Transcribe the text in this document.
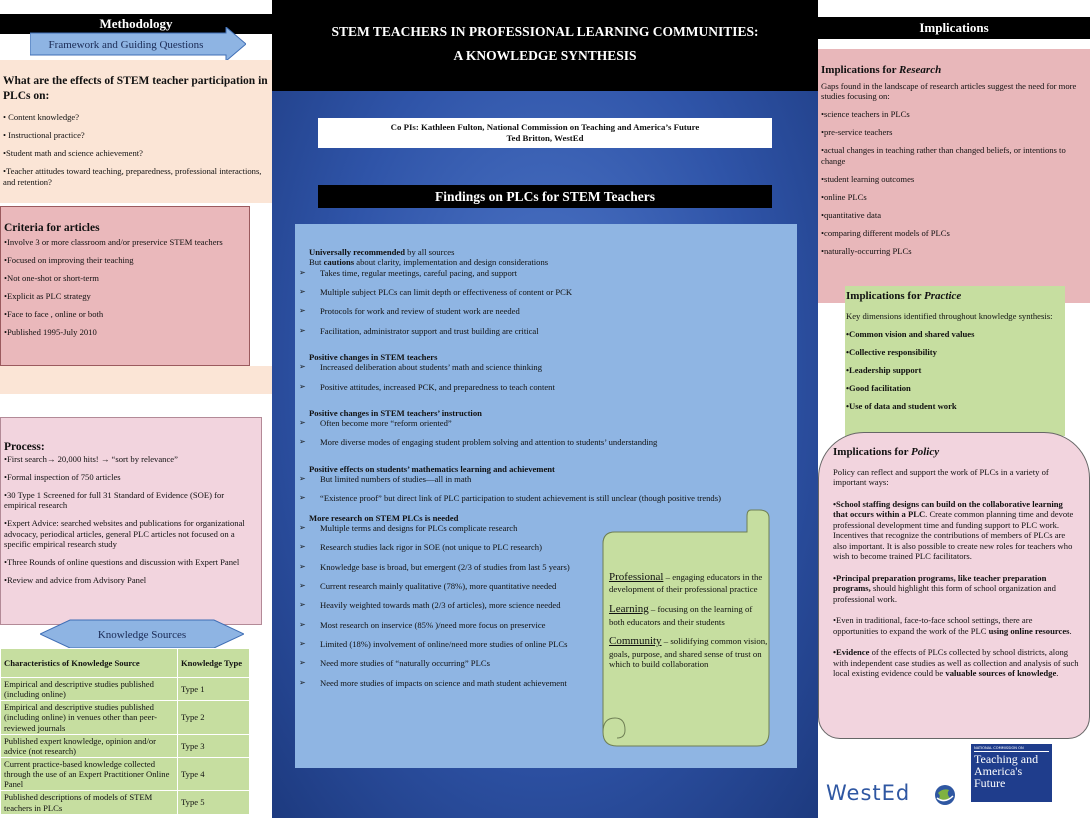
Methodology
Framework and Guiding Questions
What are the effects of STEM teacher participation in PLCs on:

• Content knowledge?

• Instructional practice?

•Student math and science achievement?

•Teacher attitudes toward teaching, preparedness, professional interactions, and retention?

Criteria for articles

•Involve 3 or more classroom and/or preservice STEM teachers

•Focused on improving their teaching

•Not one-shot or short-term

•Explicit as PLC strategy

•Face to face , online or both

•Published 1995-July 2010

Process:

•First search→ 20,000 hits! → “sort by relevance”

•Formal inspection of 750 articles

•30 Type 1 Screened for full 31 Standard of Evidence (SOE) for empirical research

•Expert Advice: searched websites and publications for organizational advocacy, periodical articles, general PLC articles not focused on a specific empirical research study

•Three Rounds of online questions and discussion with Expert Panel

•Review and advice from Advisory Panel

Knowledge Sources
Characteristics of Knowledge Source	Knowledge Type
Empirical and descriptive studies published (including online)	Type 1
Empirical and descriptive studies published (including online) in venues other than peer-reviewed journals	Type 2
Published expert knowledge, opinion and/or advice (not research)	Type 3
Current practice-based knowledge collected through the use of an Expert Practitioner Online Panel	Type 4
Published descriptions of models of STEM teachers in PLCs	Type 5
STEM TEACHERS IN PROFESSIONAL LEARNING COMMUNITIES:
A KNOWLEDGE SYNTHESIS
Co PIs: Kathleen Fulton, National Commission on Teaching and America’s Future
Ted Britton, WestEd
Findings on PLCs for STEM Teachers
Universally recommended by all sources
But cautions about clarity, implementation and design considerations
➢ Takes time, regular meetings, careful pacing, and support
➢ Multiple subject PLCs can limit depth or effectiveness of content or PCK
➢ Protocols for work and review of student work are needed
➢ Facilitation, administrator support and trust building are critical
Positive changes in STEM teachers
➢ Increased deliberation about students’ math and science thinking
➢ Positive attitudes, increased PCK, and preparedness to teach content
Positive changes in STEM teachers’ instruction
➢ Often become more “reform oriented”
➢ More diverse modes of engaging student problem solving and attention to students’ understanding
Positive effects on students’ mathematics learning and achievement
➢ But limited numbers of studies—all in math
➢ “Existence proof” but direct link of PLC participation to student achievement is still unclear (though positive trends)
More research on STEM PLCs is needed
➢ Multiple terms and designs for PLCs complicate research
➢ Research studies lack rigor in SOE (not unique to PLC research)
➢ Knowledge base is broad, but emergent (2/3 of studies from last 5 years)
➢ Current research mainly qualitative (78%), more quantitative needed
➢ Heavily weighted towards math (2/3 of articles), more science needed
➢ Most research on inservice (85% )/need more focus on preservice
➢ Limited (18%) involvement of online/need more studies of online PLCs
➢ Need more studies of “naturally occurring” PLCs
➢ Need more studies of impacts on science and math student achievement

Professional – engaging educators in the development of their professional practice

Learning – focusing on the learning of both educators and their students

Community – solidifying common vision, goals, purpose, and shared sense of trust on which to build collaboration

Implications
Implications for Research

Gaps found in the landscape of research articles suggest the need for more studies focusing on:

•science teachers in PLCs

•pre-service teachers

•actual changes in teaching rather than changed beliefs, or intentions to change

•student learning outcomes

•online PLCs

•quantitative data

•comparing different models of PLCs

•naturally-occurring PLCs

Implications for Practice

Key dimensions identified throughout knowledge synthesis:

•Common vision and shared values

•Collective responsibility

•Leadership support

•Good facilitation

•Use of data and student work

Implications for Policy

Policy can reflect and support the work of PLCs in a variety of important ways:

•School staffing designs can build on the collaborative learning that occurs within a PLC. Create common planning time and devote professional development time and funding support to PLC work. Incentives that recognize the contributions of members of PLCs are also important. It is also possible to create new roles for teachers who wish to become trained PLC facilitators.

•Principal preparation programs, like teacher preparation programs, should highlight this form of school organization and professional work.

•Even in traditional, face-to-face school settings, there are opportunities to expand the work of the PLC using online resources.

•Evidence of the effects of PLCs collected by school districts, along with independent case studies as well as collection and analysis of such local existing evidence could be valuable sources of knowledge.

WestEd
NATIONAL COMMISSION ON
Teaching and
America's
Future
